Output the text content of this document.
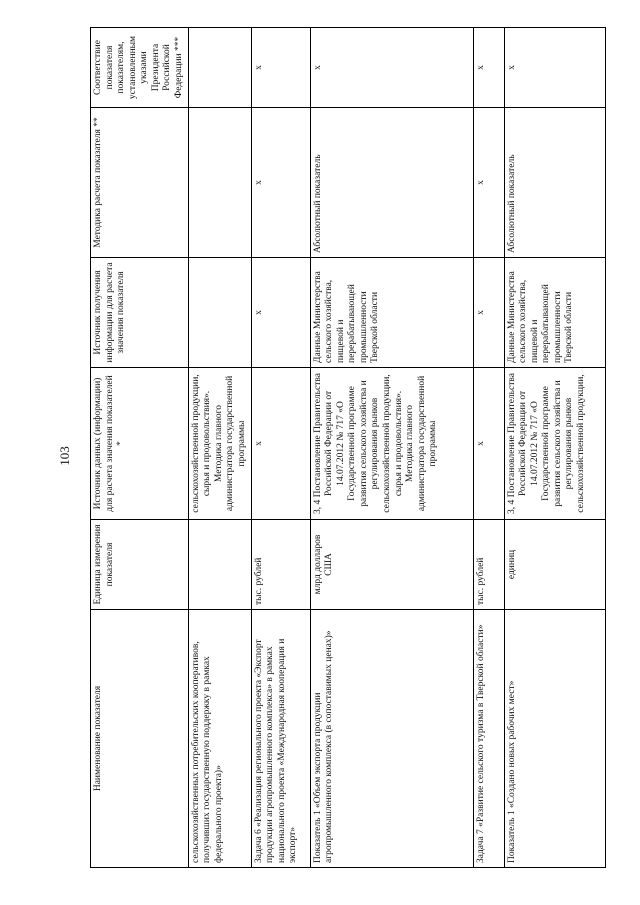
103
Наименование показателя	Единица измерения показателя	Источник данных (информации) для расчета значения показателей *	Источник получения информации для расчета значения показателя	Методика расчета показателя **	Соответствие показателя показателям, установленным указами Президента Российской Федерации ***
сельскохозяйственных потребительских кооперативов, получивших государственную поддержку в рамках федерального проекта)»		сельскохозяйственной продукции, сырья и продовольствия». Методика главного администратора государственной программы			
Задача 6 «Реализация регионального проекта «Экспорт продукции агропромышленного комплекса» в рамках национального проекта «Международная кооперация и экспорт»	тыс. рублей	х	х	х	х
Показатель 1 «Объем экспорта продукции агропромышленного комплекса (в сопоставимых ценах)»	млрд долларов США	3, 4 Постановление Правительства Российской Федерации от 14.07.2012 № 717 «О Государственной программе развития сельского хозяйства и регулирования рынков сельскохозяйственной продукции, сырья и продовольствия». Методика главного администратора государственной программы	Данные Министерства сельского хозяйства, пищевой и перерабатывающей промышленности Тверской области	Абсолютный показатель	х
Задача 7 «Развитие сельского туризма в Тверской области»	тыс. рублей	х	х	х	х
Показатель 1 «Создано новых рабочих мест»	единиц	3, 4 Постановление Правительства Российской Федерации от 14.07.2012 № 717 «О Государственной программе развития сельского хозяйства и регулирования рынков сельскохозяйственной продукции,	Данные Министерства сельского хозяйства, пищевой и перерабатывающей промышленности Тверской области	Абсолютный показатель	х
